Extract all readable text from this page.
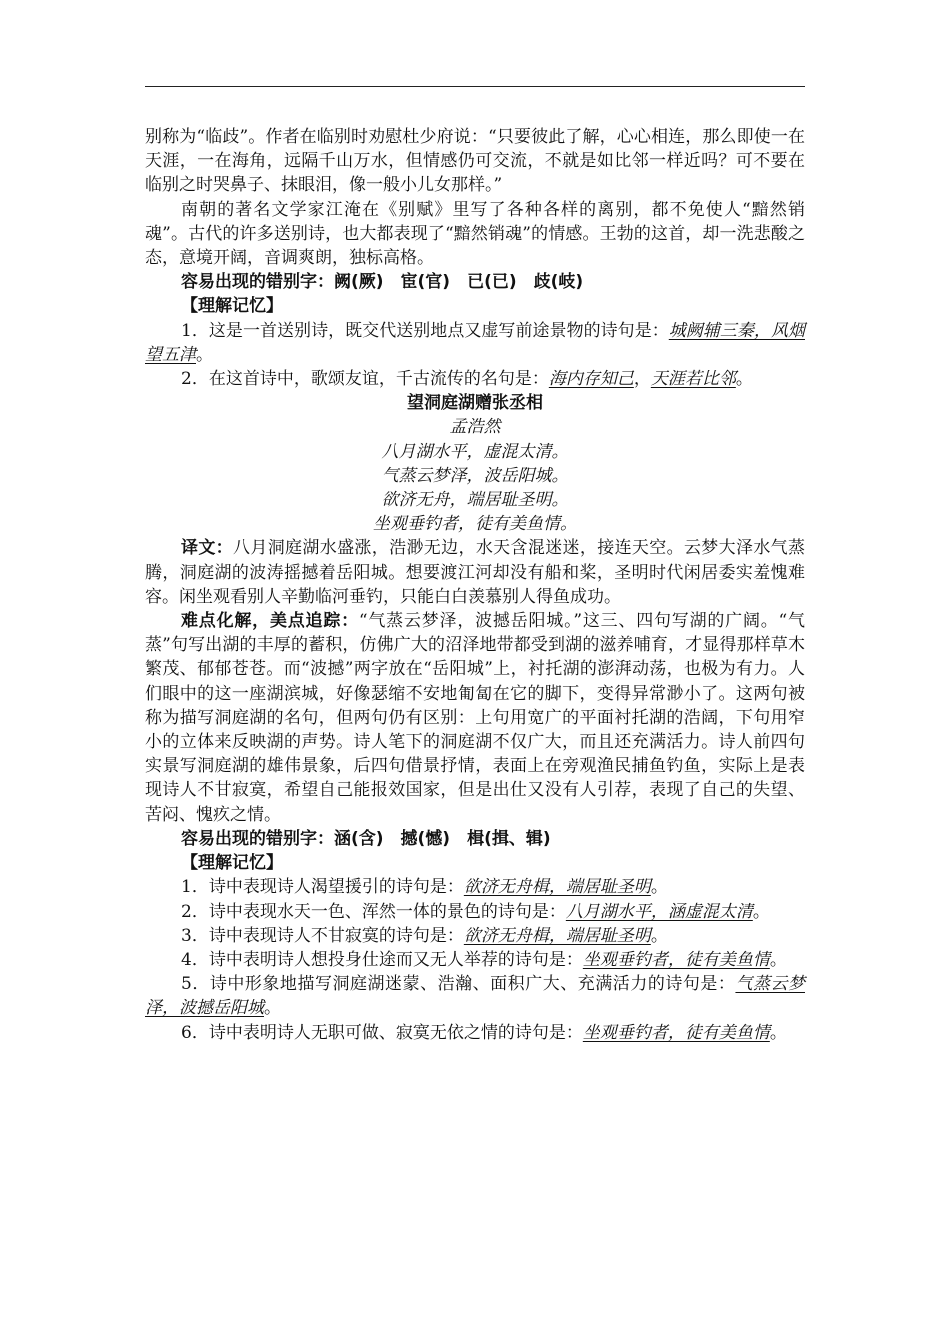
别称为“临歧”。作者在临别时劝慰杜少府说：“只要彼此了解，心心相连，那么即使一在天涯，一在海角，远隔千山万水，但情感仍可交流，不就是如比邻一样近吗？可不要在临别之时哭鼻子、抹眼泪，像一般小儿女那样。”

南朝的著名文学家江淹在《别赋》里写了各种各样的离别，都不免使人“黯然销魂”。古代的许多送别诗，也大都表现了“黯然销魂”的情感。王勃的这首，却一洗悲酸之态，意境开阔，音调爽朗，独标高格。

容易出现的错别字：阙(厥)　宦(官)　已(已)　歧(岐)

【理解记忆】

1．这是一首送别诗，既交代送别地点又虚写前途景物的诗句是：城阙辅三秦，风烟望五津。

2．在这首诗中，歌颂友谊，千古流传的名句是：海内存知己，天涯若比邻。

望洞庭湖赠张丞相

孟浩然

八月湖水平，虚混太清。

气蒸云梦泽，波岳阳城。

欲济无舟，端居耻圣明。

坐观垂钓者，徒有美鱼情。

译文：八月洞庭湖水盛涨，浩渺无边，水天含混迷迷，接连天空。云梦大泽水气蒸腾，洞庭湖的波涛摇撼着岳阳城。想要渡江河却没有船和桨，圣明时代闲居委实羞愧难容。闲坐观看别人辛勤临河垂钓，只能白白羡慕别人得鱼成功。

难点化解，美点追踪：“气蒸云梦泽，波撼岳阳城。”这三、四句写湖的广阔。“气蒸”句写出湖的丰厚的蓄积，仿佛广大的沼泽地带都受到湖的滋养哺育，才显得那样草木繁茂、郁郁苍苍。而“波撼”两字放在“岳阳城”上，衬托湖的澎湃动荡，也极为有力。人们眼中的这一座湖滨城，好像瑟缩不安地匍匐在它的脚下，变得异常渺小了。这两句被称为描写洞庭湖的名句，但两句仍有区别：上句用宽广的平面衬托湖的浩阔，下句用窄小的立体来反映湖的声势。诗人笔下的洞庭湖不仅广大，而且还充满活力。诗人前四句实景写洞庭湖的雄伟景象，后四句借景抒情，表面上在旁观渔民捕鱼钓鱼，实际上是表现诗人不甘寂寞，希望自己能报效国家，但是出仕又没有人引荐，表现了自己的失望、苦闷、愧疚之情。

容易出现的错别字：涵(含)　撼(憾)　楫(揖、辑)

【理解记忆】

1．诗中表现诗人渴望援引的诗句是：欲济无舟楫，端居耻圣明。

2．诗中表现水天一色、浑然一体的景色的诗句是：八月湖水平，涵虚混太清。

3．诗中表现诗人不甘寂寞的诗句是：欲济无舟楫，端居耻圣明。

4．诗中表明诗人想投身仕途而又无人举荐的诗句是：坐观垂钓者，徒有美鱼情。

5．诗中形象地描写洞庭湖迷蒙、浩瀚、面积广大、充满活力的诗句是：气蒸云梦泽，波撼岳阳城。

6．诗中表明诗人无职可做、寂寞无依之情的诗句是：坐观垂钓者，徒有美鱼情。
